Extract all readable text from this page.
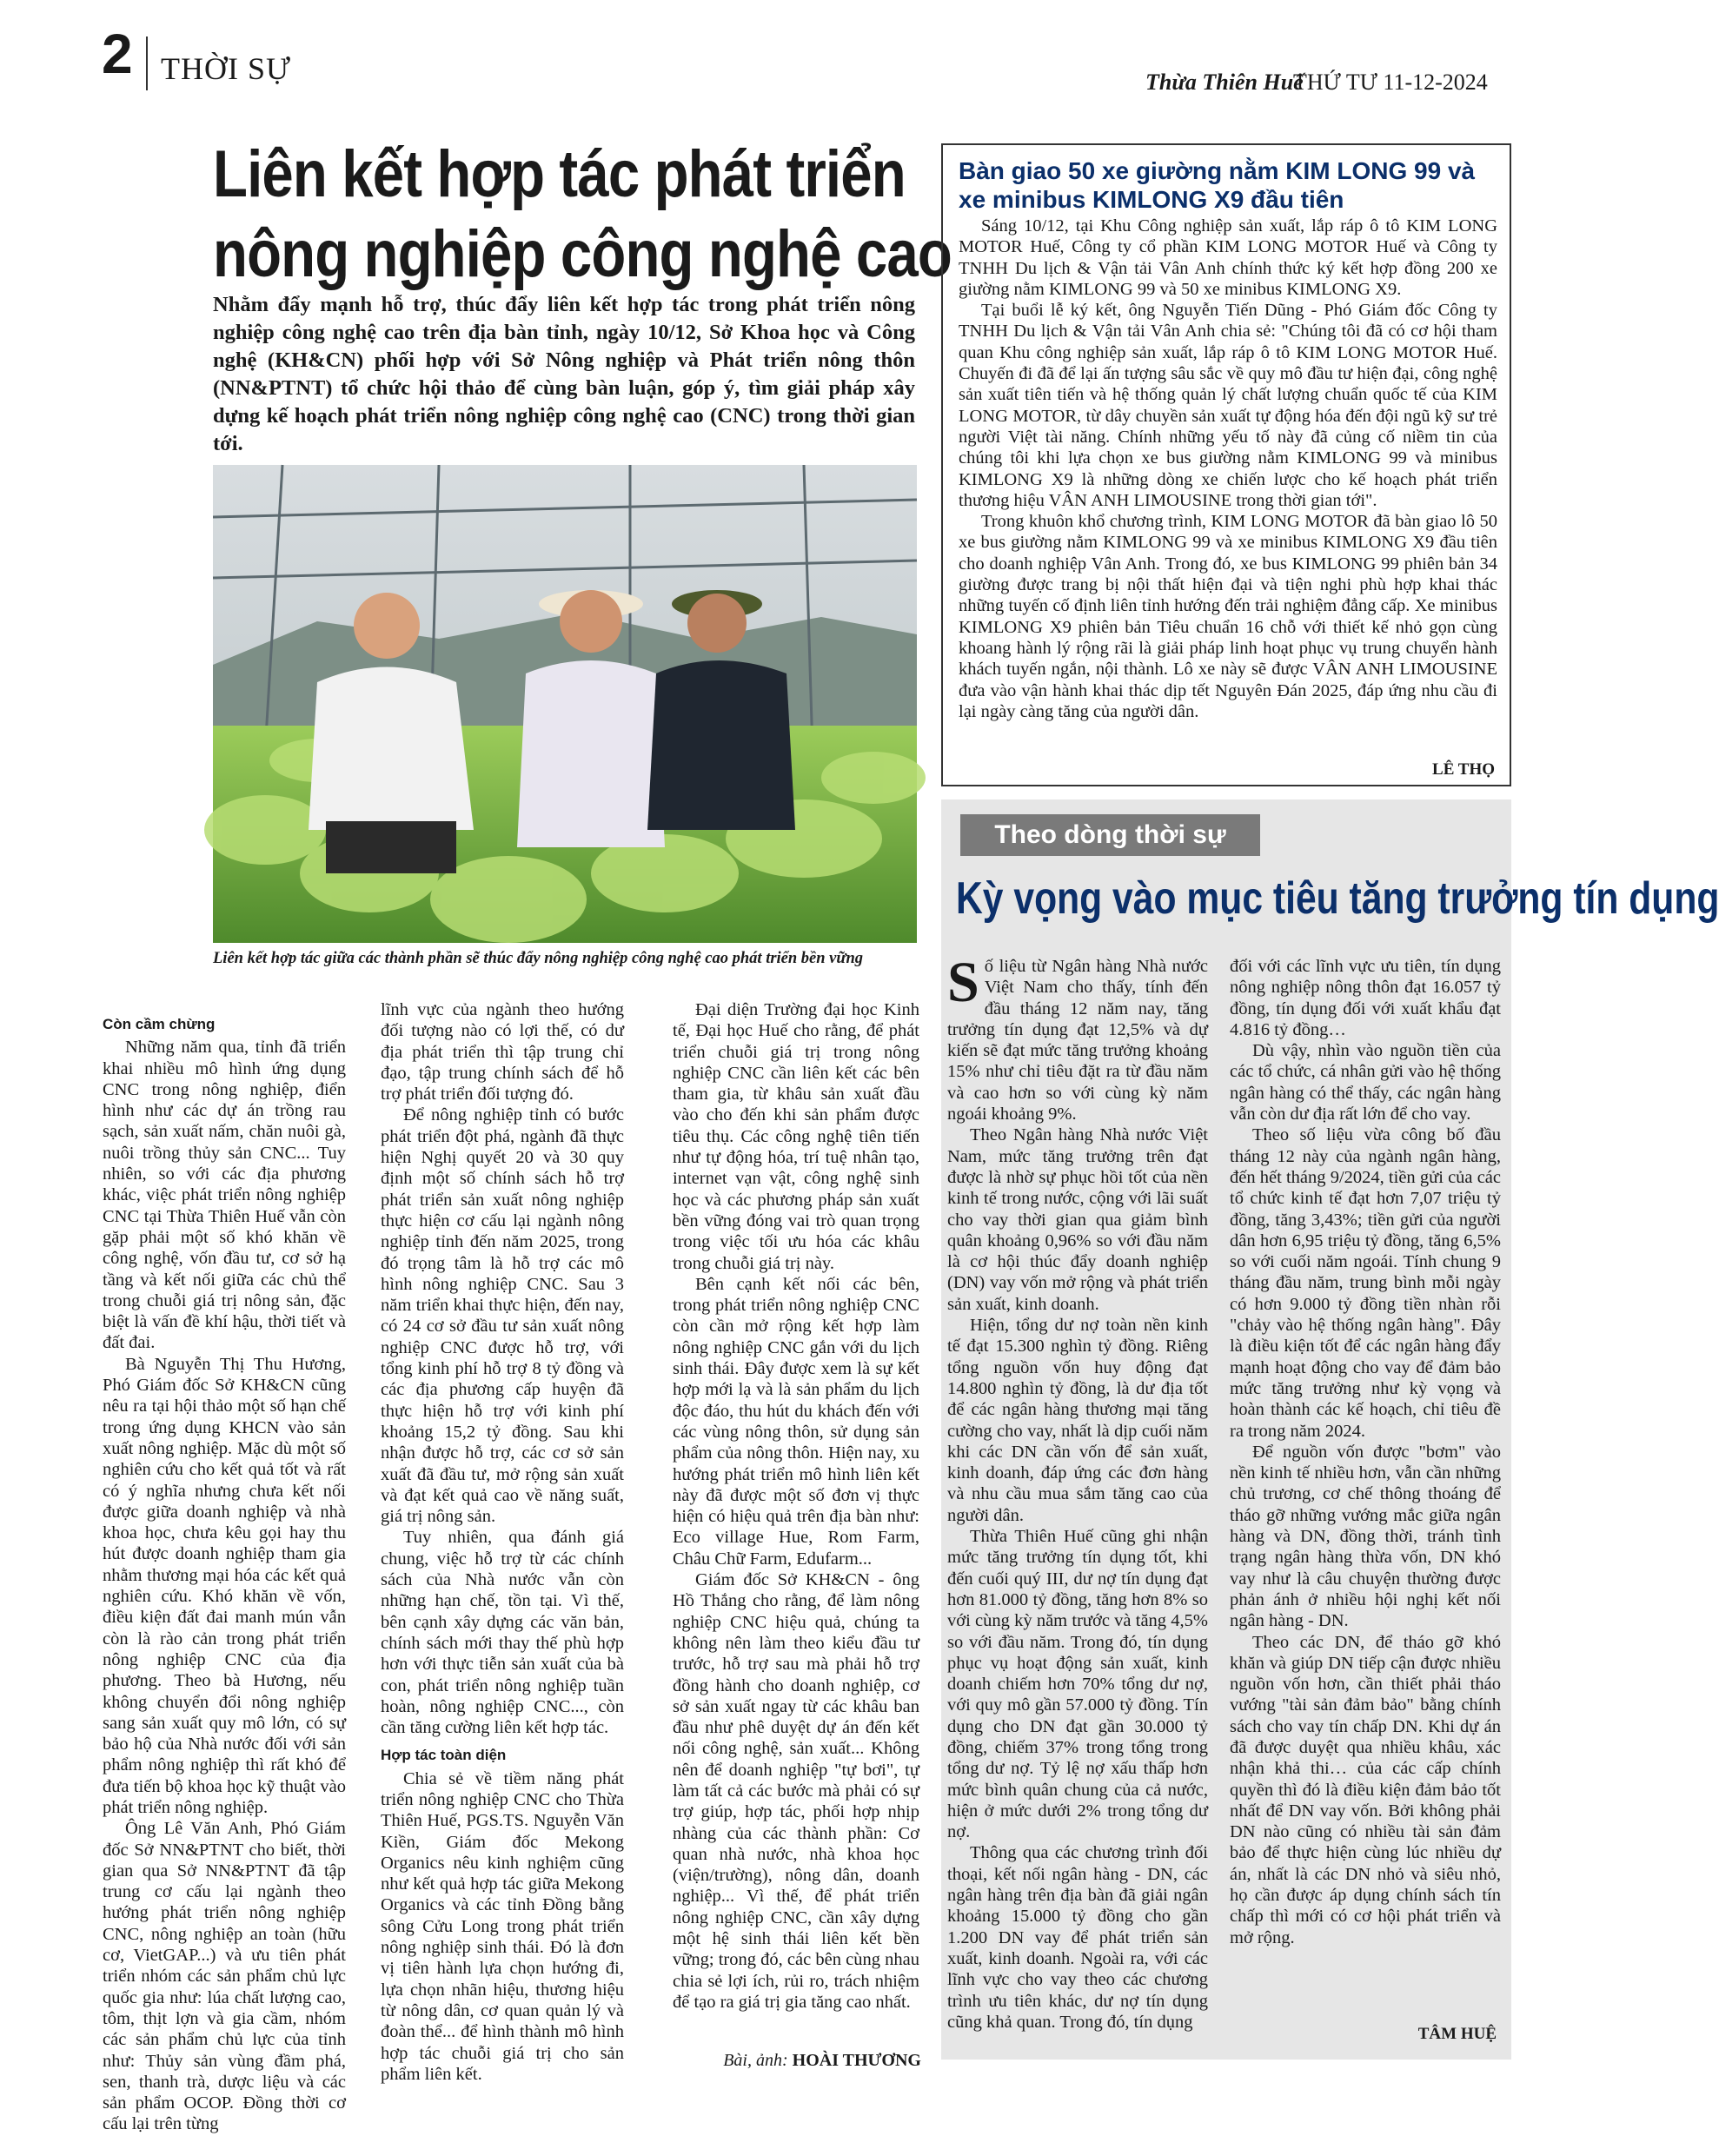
2 THỜI SỰ	Thừa Thiên Huế
THỨ TƯ 11-12-2024
Liên kết hợp tác phát triển
nông nghiệp công nghệ cao
Nhằm đẩy mạnh hỗ trợ, thúc đẩy liên kết hợp tác trong phát triển nông nghiệp công nghệ cao trên địa bàn tỉnh, ngày 10/12, Sở Khoa học và Công nghệ (KH&CN) phối hợp với Sở Nông nghiệp và Phát triển nông thôn (NN&PTNT) tổ chức hội thảo để cùng bàn luận, góp ý, tìm giải pháp xây dựng kế hoạch phát triển nông nghiệp công nghệ cao (CNC) trong thời gian tới.
Liên kết hợp tác giữa các thành phần sẽ thúc đẩy nông nghiệp công nghệ cao phát triển bền vững
Còn cầm chừng

Những năm qua, tỉnh đã triển khai nhiều mô hình ứng dụng CNC trong nông nghiệp, điển hình như các dự án trồng rau sạch, sản xuất nấm, chăn nuôi gà, nuôi trồng thủy sản CNC... Tuy nhiên, so với các địa phương khác, việc phát triển nông nghiệp CNC tại Thừa Thiên Huế vẫn còn gặp phải một số khó khăn về công nghệ, vốn đầu tư, cơ sở hạ tầng và kết nối giữa các chủ thể trong chuỗi giá trị nông sản, đặc biệt là vấn đề khí hậu, thời tiết và đất đai.

Bà Nguyễn Thị Thu Hương, Phó Giám đốc Sở KH&CN cũng nêu ra tại hội thảo một số hạn chế trong ứng dụng KHCN vào sản xuất nông nghiệp. Mặc dù một số nghiên cứu cho kết quả tốt và rất có ý nghĩa nhưng chưa kết nối được giữa doanh nghiệp và nhà khoa học, chưa kêu gọi hay thu hút được doanh nghiệp tham gia nhằm thương mại hóa các kết quả nghiên cứu. Khó khăn về vốn, điều kiện đất đai manh mún vẫn còn là rào cản trong phát triển nông nghiệp CNC của địa phương. Theo bà Hương, nếu không chuyển đổi nông nghiệp sang sản xuất quy mô lớn, có sự bảo hộ của Nhà nước đối với sản phẩm nông nghiệp thì rất khó để đưa tiến bộ khoa học kỹ thuật vào phát triển nông nghiệp.

Ông Lê Văn Anh, Phó Giám đốc Sở NN&PTNT cho biết, thời gian qua Sở NN&PTNT đã tập trung cơ cấu lại ngành theo hướng phát triển nông nghiệp CNC, nông nghiệp an toàn (hữu cơ, VietGAP...) và ưu tiên phát triển nhóm các sản phẩm chủ lực quốc gia như: lúa chất lượng cao, tôm, thịt lợn và gia cầm, nhóm các sản phẩm chủ lực của tỉnh như: Thủy sản vùng đầm phá, sen, thanh trà, dược liệu và các sản phẩm OCOP. Đồng thời cơ cấu lại trên từng

lĩnh vực của ngành theo hướng đối tượng nào có lợi thế, có dư địa phát triển thì tập trung chỉ đạo, tập trung chính sách để hỗ trợ phát triển đối tượng đó.

Để nông nghiệp tỉnh có bước phát triển đột phá, ngành đã thực hiện Nghị quyết 20 và 30 quy định một số chính sách hỗ trợ phát triển sản xuất nông nghiệp thực hiện cơ cấu lại ngành nông nghiệp tỉnh đến năm 2025, trong đó trọng tâm là hỗ trợ các mô hình nông nghiệp CNC. Sau 3 năm triển khai thực hiện, đến nay, có 24 cơ sở đầu tư sản xuất nông nghiệp CNC được hỗ trợ, với tổng kinh phí hỗ trợ 8 tỷ đồng và các địa phương cấp huyện đã thực hiện hỗ trợ với kinh phí khoảng 15,2 tỷ đồng. Sau khi nhận được hỗ trợ, các cơ sở sản xuất đã đầu tư, mở rộng sản xuất và đạt kết quả cao về năng suất, giá trị nông sản.

Tuy nhiên, qua đánh giá chung, việc hỗ trợ từ các chính sách của Nhà nước vẫn còn những hạn chế, tồn tại. Vì thế, bên cạnh xây dựng các văn bản, chính sách mới thay thế phù hợp hơn với thực tiễn sản xuất của bà con, phát triển nông nghiệp tuần hoàn, nông nghiệp CNC..., còn cần tăng cường liên kết hợp tác.

Hợp tác toàn diện

Chia sẻ về tiềm năng phát triển nông nghiệp CNC cho Thừa Thiên Huế, PGS.TS. Nguyễn Văn Kiền, Giám đốc Mekong Organics nêu kinh nghiệm cũng như kết quả hợp tác giữa Mekong Organics và các tỉnh Đồng bằng sông Cửu Long trong phát triển nông nghiệp sinh thái. Đó là đơn vị tiên hành lựa chọn hướng đi, lựa chọn nhãn hiệu, thương hiệu từ nông dân, cơ quan quản lý và đoàn thể... để hình thành mô hình hợp tác chuỗi giá trị cho sản phẩm liên kết.

Đại diện Trường đại học Kinh tế, Đại học Huế cho rằng, để phát triển chuỗi giá trị trong nông nghiệp CNC cần liên kết các bên tham gia, từ khâu sản xuất đầu vào cho đến khi sản phẩm được tiêu thụ. Các công nghệ tiên tiến như tự động hóa, trí tuệ nhân tạo, internet vạn vật, công nghệ sinh học và các phương pháp sản xuất bền vững đóng vai trò quan trọng trong việc tối ưu hóa các khâu trong chuỗi giá trị này.

Bên cạnh kết nối các bên, trong phát triển nông nghiệp CNC còn cần mở rộng kết hợp làm nông nghiệp CNC gắn với du lịch sinh thái. Đây được xem là sự kết hợp mới lạ và là sản phẩm du lịch độc đáo, thu hút du khách đến với các vùng nông thôn, sử dụng sản phẩm của nông thôn. Hiện nay, xu hướng phát triển mô hình liên kết này đã được một số đơn vị thực hiện có hiệu quả trên địa bàn như: Eco village Hue, Rom Farm, Châu Chữ Farm, Edufarm...

Giám đốc Sở KH&CN - ông Hồ Thắng cho rằng, để làm nông nghiệp CNC hiệu quả, chúng ta không nên làm theo kiểu đầu tư trước, hỗ trợ sau mà phải hỗ trợ đồng hành cho doanh nghiệp, cơ sở sản xuất ngay từ các khâu ban đầu như phê duyệt dự án đến kết nối công nghệ, sản xuất... Không nên để doanh nghiệp "tự bơi", tự làm tất cả các bước mà phải có sự trợ giúp, hợp tác, phối hợp nhịp nhàng của các thành phần: Cơ quan nhà nước, nhà khoa học (viện/trường), nông dân, doanh nghiệp... Vì thế, để phát triển nông nghiệp CNC, cần xây dựng một hệ sinh thái liên kết bền vững; trong đó, các bên cùng nhau chia sẻ lợi ích, rủi ro, trách nhiệm để tạo ra giá trị gia tăng cao nhất.

Bài, ảnh: HOÀI THƯƠNG
Bàn giao 50 xe giường nằm KIM LONG 99 và xe minibus KIMLONG X9 đầu tiên

Sáng 10/12, tại Khu Công nghiệp sản xuất, lắp ráp ô tô KIM LONG MOTOR Huế, Công ty cổ phần KIM LONG MOTOR Huế và Công ty TNHH Du lịch & Vận tải Vân Anh chính thức ký kết hợp đồng 200 xe giường nằm KIMLONG 99 và 50 xe minibus KIMLONG X9.

Tại buổi lễ ký kết, ông Nguyễn Tiến Dũng - Phó Giám đốc Công ty TNHH Du lịch & Vận tải Vân Anh chia sẻ: "Chúng tôi đã có cơ hội tham quan Khu công nghiệp sản xuất, lắp ráp ô tô KIM LONG MOTOR Huế. Chuyến đi đã để lại ấn tượng sâu sắc về quy mô đầu tư hiện đại, công nghệ sản xuất tiên tiến và hệ thống quản lý chất lượng chuẩn quốc tế của KIM LONG MOTOR, từ dây chuyền sản xuất tự động hóa đến đội ngũ kỹ sư trẻ người Việt tài năng. Chính những yếu tố này đã củng cố niềm tin của chúng tôi khi lựa chọn xe bus giường nằm KIMLONG 99 và minibus KIMLONG X9 là những dòng xe chiến lược cho kế hoạch phát triển thương hiệu VÂN ANH LIMOUSINE trong thời gian tới".

Trong khuôn khổ chương trình, KIM LONG MOTOR đã bàn giao lô 50 xe bus giường nằm KIMLONG 99 và xe minibus KIMLONG X9 đầu tiên cho doanh nghiệp Vân Anh. Trong đó, xe bus KIMLONG 99 phiên bản 34 giường được trang bị nội thất hiện đại và tiện nghi phù hợp khai thác những tuyến cố định liên tỉnh hướng đến trải nghiệm đẳng cấp. Xe minibus KIMLONG X9 phiên bản Tiêu chuẩn 16 chỗ với thiết kế nhỏ gọn cùng khoang hành lý rộng rãi là giải pháp linh hoạt phục vụ trung chuyển hành khách tuyến ngắn, nội thành. Lô xe này sẽ được VÂN ANH LIMOUSINE đưa vào vận hành khai thác dịp tết Nguyên Đán 2025, đáp ứng nhu cầu đi lại ngày càng tăng của người dân.

LÊ THỌ
Theo dòng thời sự
Kỳ vọng vào mục tiêu tăng trưởng tín dụng

Số liệu từ Ngân hàng Nhà nước Việt Nam cho thấy, tính đến đầu tháng 12 năm nay, tăng trưởng tín dụng đạt 12,5% và dự kiến sẽ đạt mức tăng trưởng khoảng 15% như chỉ tiêu đặt ra từ đầu năm và cao hơn so với cùng kỳ năm ngoái khoảng 9%.

Theo Ngân hàng Nhà nước Việt Nam, mức tăng trưởng trên đạt được là nhờ sự phục hồi tốt của nền kinh tế trong nước, cộng với lãi suất cho vay thời gian qua giảm bình quân khoảng 0,96% so với đầu năm là cơ hội thúc đẩy doanh nghiệp (DN) vay vốn mở rộng và phát triển sản xuất, kinh doanh.

Hiện, tổng dư nợ toàn nền kinh tế đạt 15.300 nghìn tỷ đồng. Riêng tổng nguồn vốn huy động đạt 14.800 nghìn tỷ đồng, là dư địa tốt để các ngân hàng thương mại tăng cường cho vay, nhất là dịp cuối năm khi các DN cần vốn để sản xuất, kinh doanh, đáp ứng các đơn hàng và nhu cầu mua sắm tăng cao của người dân.

Thừa Thiên Huế cũng ghi nhận mức tăng trưởng tín dụng tốt, khi đến cuối quý III, dư nợ tín dụng đạt hơn 81.000 tỷ đồng, tăng hơn 8% so với cùng kỳ năm trước và tăng 4,5% so với đầu năm. Trong đó, tín dụng phục vụ hoạt động sản xuất, kinh doanh chiếm hơn 70% tổng dư nợ, với quy mô gần 57.000 tỷ đồng. Tín dụng cho DN đạt gần 30.000 tỷ đồng, chiếm 37% trong tổng trong tổng dư nợ. Tỷ lệ nợ xấu thấp hơn mức bình quân chung của cả nước, hiện ở mức dưới 2% trong tổng dư nợ.

Thông qua các chương trình đối thoại, kết nối ngân hàng - DN, các ngân hàng trên địa bàn đã giải ngân khoảng 15.000 tỷ đồng cho gần 1.200 DN vay để phát triển sản xuất, kinh doanh. Ngoài ra, với các lĩnh vực cho vay theo các chương trình ưu tiên khác, dư nợ tín dụng cũng khả quan. Trong đó, tín dụng

đối với các lĩnh vực ưu tiên, tín dụng nông nghiệp nông thôn đạt 16.057 tỷ đồng, tín dụng đối với xuất khẩu đạt 4.816 tỷ đồng…

Dù vậy, nhìn vào nguồn tiền của các tổ chức, cá nhân gửi vào hệ thống ngân hàng có thể thấy, các ngân hàng vẫn còn dư địa rất lớn để cho vay.

Theo số liệu vừa công bố đầu tháng 12 này của ngành ngân hàng, đến hết tháng 9/2024, tiền gửi của các tổ chức kinh tế đạt hơn 7,07 triệu tỷ đồng, tăng 3,43%; tiền gửi của người dân hơn 6,95 triệu tỷ đồng, tăng 6,5% so với cuối năm ngoái. Tính chung 9 tháng đầu năm, trung bình mỗi ngày có hơn 9.000 tỷ đồng tiền nhàn rỗi "chảy vào hệ thống ngân hàng". Đây là điều kiện tốt để các ngân hàng đẩy mạnh hoạt động cho vay để đảm bảo mức tăng trưởng như kỳ vọng và hoàn thành các kế hoạch, chỉ tiêu đề ra trong năm 2024.

Để nguồn vốn được "bơm" vào nền kinh tế nhiều hơn, vẫn cần những chủ trương, cơ chế thông thoáng để tháo gỡ những vướng mắc giữa ngân hàng và DN, đồng thời, tránh tình trạng ngân hàng thừa vốn, DN khó vay như là câu chuyện thường được phản ánh ở nhiều hội nghị kết nối ngân hàng - DN.

Theo các DN, để tháo gỡ khó khăn và giúp DN tiếp cận được nhiều nguồn vốn hơn, cần thiết phải tháo vướng "tài sản đảm bảo" bằng chính sách cho vay tín chấp DN. Khi dự án đã được duyệt qua nhiều khâu, xác nhận khả thi… của các cấp chính quyền thì đó là điều kiện đảm bảo tốt nhất để DN vay vốn. Bởi không phải DN nào cũng có nhiều tài sản đảm bảo để thực hiện cùng lúc nhiều dự án, nhất là các DN nhỏ và siêu nhỏ, họ cần được áp dụng chính sách tín chấp thì mới có cơ hội phát triển và mở rộng.

TÂM HUỆ
